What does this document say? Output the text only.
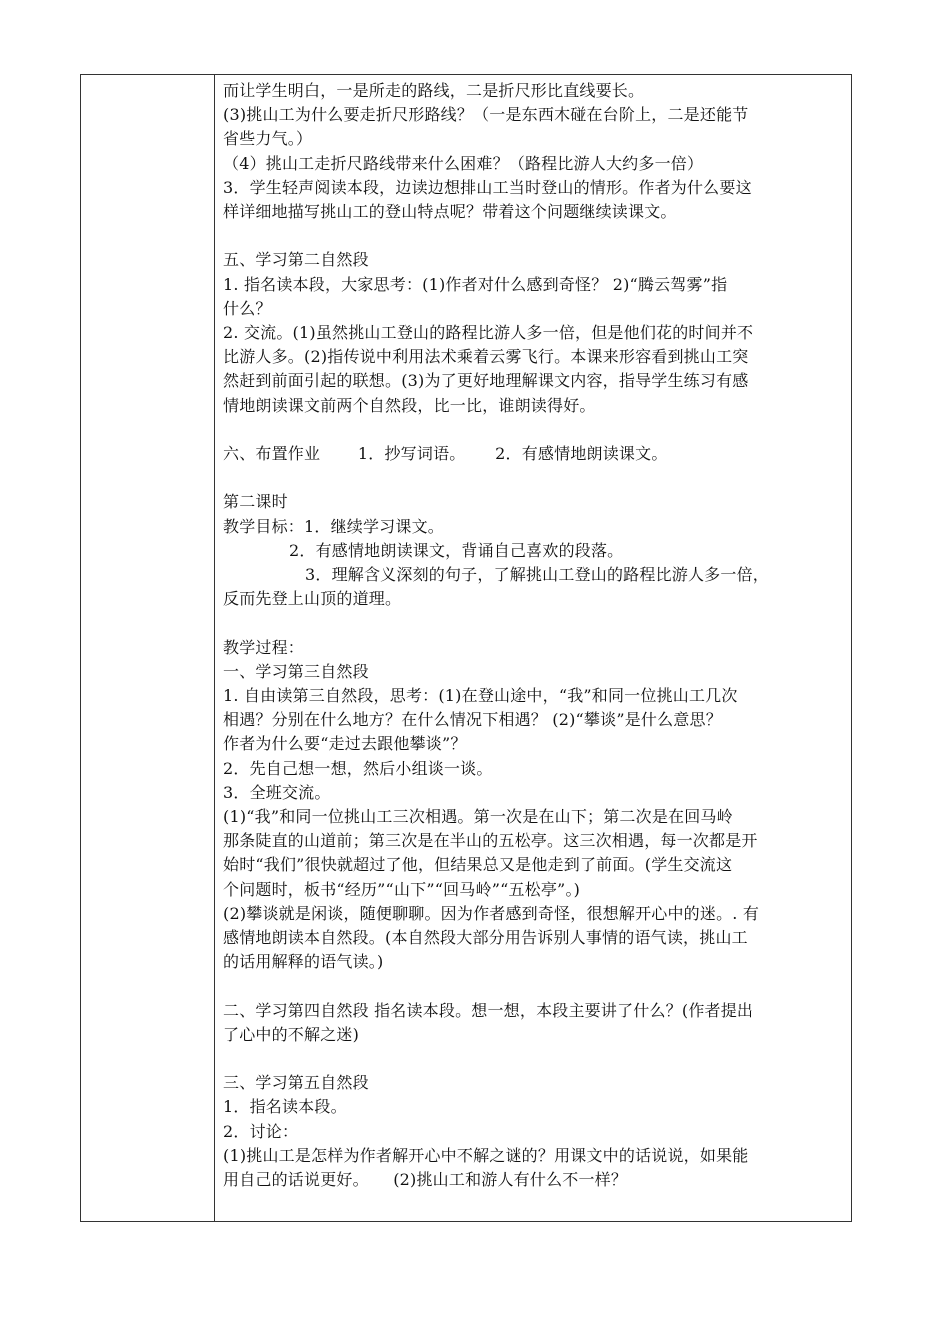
而让学生明白，一是所走的路线，二是折尺形比直线要长。
(3)挑山工为什么要走折尺形路线？（一是东西木碰在台阶上，二是还能节
省些力气。）
（4）挑山工走折尺路线带来什么困难？（路程比游人大约多一倍）
3．学生轻声阅读本段，边读边想排山工当时登山的情形。作者为什么要这
样详细地描写挑山工的登山特点呢？带着这个问题继续读课文。
五、学习第二自然段
1. 指名读本段，大家思考：(1)作者对什么感到奇怪？ 2)“腾云驾雾”指
什么？
2. 交流。(1)虽然挑山工登山的路程比游人多一倍，但是他们花的时间并不
比游人多。(2)指传说中利用法术乘着云雾飞行。本课来形容看到挑山工突
然赶到前面引起的联想。(3)为了更好地理解课文内容，指导学生练习有感
情地朗读课文前两个自然段，比一比，谁朗读得好。
六、布置作业　　 1．抄写词语。　　 2．有感情地朗读课文。
第二课时
教学目标：1．继续学习课文。
2．有感情地朗读课文，背诵自己喜欢的段落。
3．理解含义深刻的句子，了解挑山工登山的路程比游人多一倍，
反而先登上山顶的道理。
教学过程：
一、学习第三自然段
1. 自由读第三自然段，思考：(1)在登山途中，“我”和同一位挑山工几次
相遇？分别在什么地方？在什么情况下相遇？ (2)“攀谈”是什么意思？
作者为什么要“走过去跟他攀谈”？
2．先自己想一想，然后小组谈一谈。
3．全班交流。
(1)“我”和同一位挑山工三次相遇。第一次是在山下；第二次是在回马岭
那条陡直的山道前；第三次是在半山的五松亭。这三次相遇，每一次都是开
始时“我们”很快就超过了他，但结果总又是他走到了前面。(学生交流这
个问题时，板书“经历”“山下”“回马岭”“五松亭”。)
(2)攀谈就是闲谈，随便聊聊。因为作者感到奇怪，很想解开心中的迷。. 有
感情地朗读本自然段。(本自然段大部分用告诉别人事情的语气读，挑山工
的话用解释的语气读。)
二、学习第四自然段 指名读本段。想一想，本段主要讲了什么？(作者提出
了心中的不解之迷)
三、学习第五自然段
1．指名读本段。
2．讨论：
(1)挑山工是怎样为作者解开心中不解之谜的？用课文中的话说说，如果能
用自己的话说更好。　　(2)挑山工和游人有什么不一样？
